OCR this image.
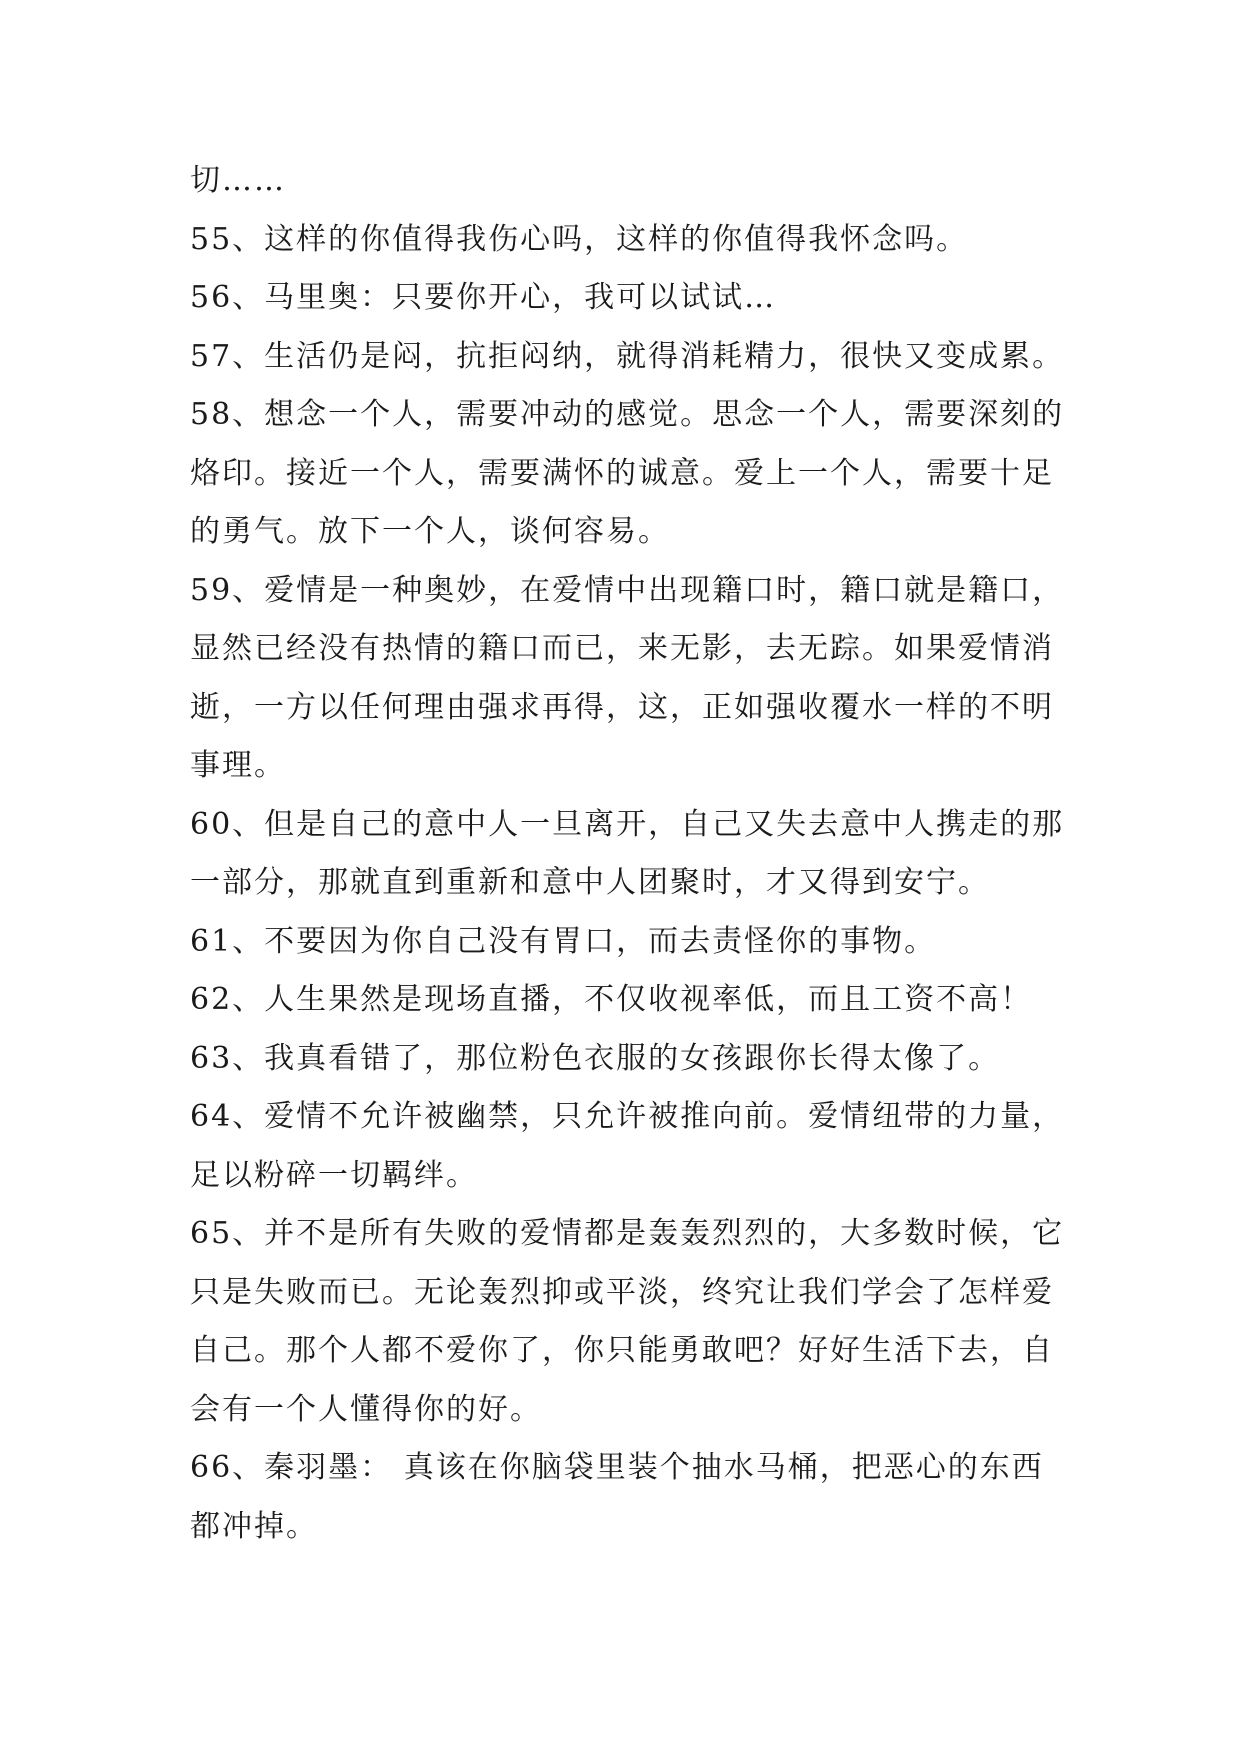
切……

55、这样的你值得我伤心吗，这样的你值得我怀念吗。

56、马里奥：只要你开心，我可以试试…

57、生活仍是闷，抗拒闷纳，就得消耗精力，很快又变成累。

58、想念一个人，需要冲动的感觉。思念一个人，需要深刻的烙印。接近一个人，需要满怀的诚意。爱上一个人，需要十足的勇气。放下一个人，谈何容易。

59、爱情是一种奥妙，在爱情中出现籍口时，籍口就是籍口，显然已经没有热情的籍口而已，来无影，去无踪。如果爱情消逝，一方以任何理由强求再得，这，正如强收覆水一样的不明事理。

60、但是自己的意中人一旦离开，自己又失去意中人携走的那一部分，那就直到重新和意中人团聚时，才又得到安宁。

61、不要因为你自己没有胃口，而去责怪你的事物。

62、人生果然是现场直播，不仅收视率低，而且工资不高！

63、我真看错了，那位粉色衣服的女孩跟你长得太像了。

64、爱情不允许被幽禁，只允许被推向前。爱情纽带的力量，足以粉碎一切羁绊。

65、并不是所有失败的爱情都是轰轰烈烈的，大多数时候，它只是失败而已。无论轰烈抑或平淡，终究让我们学会了怎样爱自己。那个人都不爱你了，你只能勇敢吧？好好生活下去，自会有一个人懂得你的好。

66、秦羽墨： 真该在你脑袋里装个抽水马桶，把恶心的东西都冲掉。
